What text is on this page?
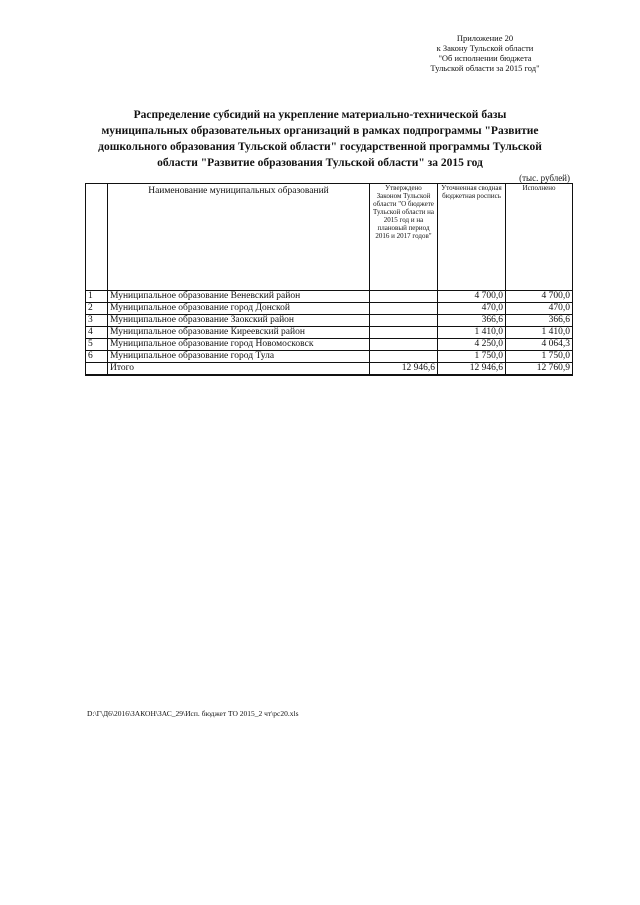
Приложение 20
к Закону Тульской области
"Об исполнении бюджета
Тульской области за 2015 год"
Распределение субсидий на укрепление материально-технической базы
муниципальных образовательных организаций в рамках подпрограммы "Развитие
дошкольного образования Тульской области" государственной программы Тульской
области "Развитие образования Тульской области" за 2015 год
(тыс. рублей)
	Наименование муниципальных образований	Утверждено Законом Тульской области "О бюджете Тульской области на 2015 год и на плановый период 2016 и 2017 годов"	Уточненная сводная бюджетная роспись	Исполнено
1	Муниципальное образование Веневский район		4 700,0	4 700,0
2	Муниципальное образование город Донской		470,0	470,0
3	Муниципальное образование Заокский район		366,6	366,6
4	Муниципальное образование Киреевский район		1 410,0	1 410,0
5	Муниципальное образование город Новомосковск		4 250,0	4 064,3
6	Муниципальное образование город Тула		1 750,0	1 750,0
	Итого	12 946,6	12 946,6	12 760,9
D:\Г\Д6\2016\ЗАКОН\ЗАС_29\Исп. бюджет ТО 2015_2 чт\рс20.xls
